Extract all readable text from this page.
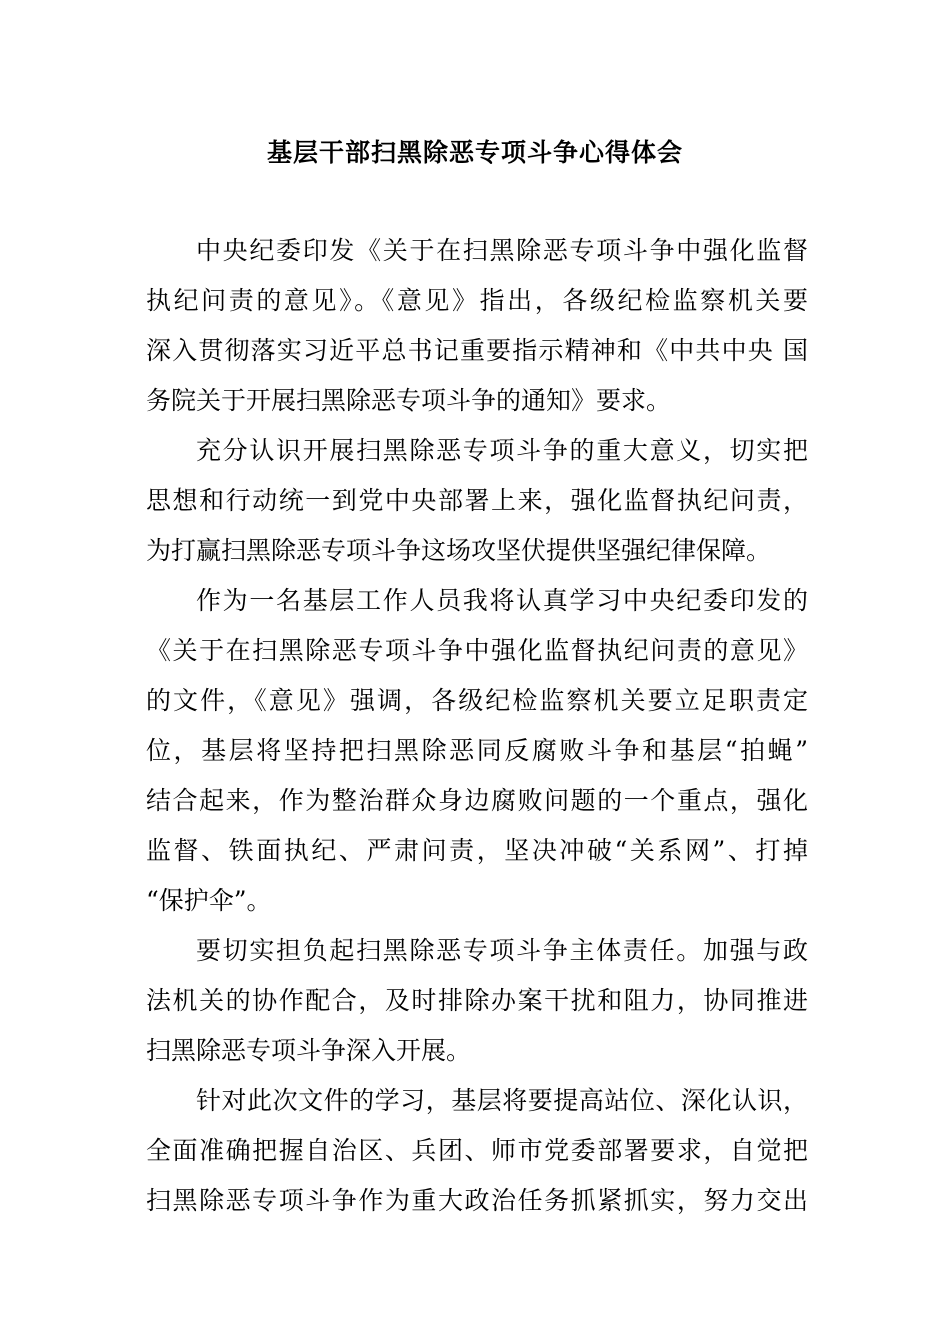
基层干部扫黑除恶专项斗争心得体会
中央纪委印发《关于在扫黑除恶专项斗争中强化监督
执纪问责的意见》。《意见》指出，各级纪检监察机关要
深入贯彻落实习近平总书记重要指示精神和《中共中央 国
务院关于开展扫黑除恶专项斗争的通知》要求。
充分认识开展扫黑除恶专项斗争的重大意义，切实把
思想和行动统一到党中央部署上来，强化监督执纪问责，
为打赢扫黑除恶专项斗争这场攻坚伏提供坚强纪律保障。
作为一名基层工作人员我将认真学习中央纪委印发的
《关于在扫黑除恶专项斗争中强化监督执纪问责的意见》
的文件，《意见》强调，各级纪检监察机关要立足职责定
位，基层将坚持把扫黑除恶同反腐败斗争和基层“拍蝇”
结合起来，作为整治群众身边腐败问题的一个重点，强化
监督、铁面执纪、严肃问责，坚决冲破“关系网”、打掉
“保护伞”。
要切实担负起扫黑除恶专项斗争主体责任。加强与政
法机关的协作配合，及时排除办案干扰和阻力，协同推进
扫黑除恶专项斗争深入开展。
针对此次文件的学习，基层将要提高站位、深化认识，
全面准确把握自治区、兵团、师市党委部署要求，自觉把
扫黑除恶专项斗争作为重大政治任务抓紧抓实，努力交出
